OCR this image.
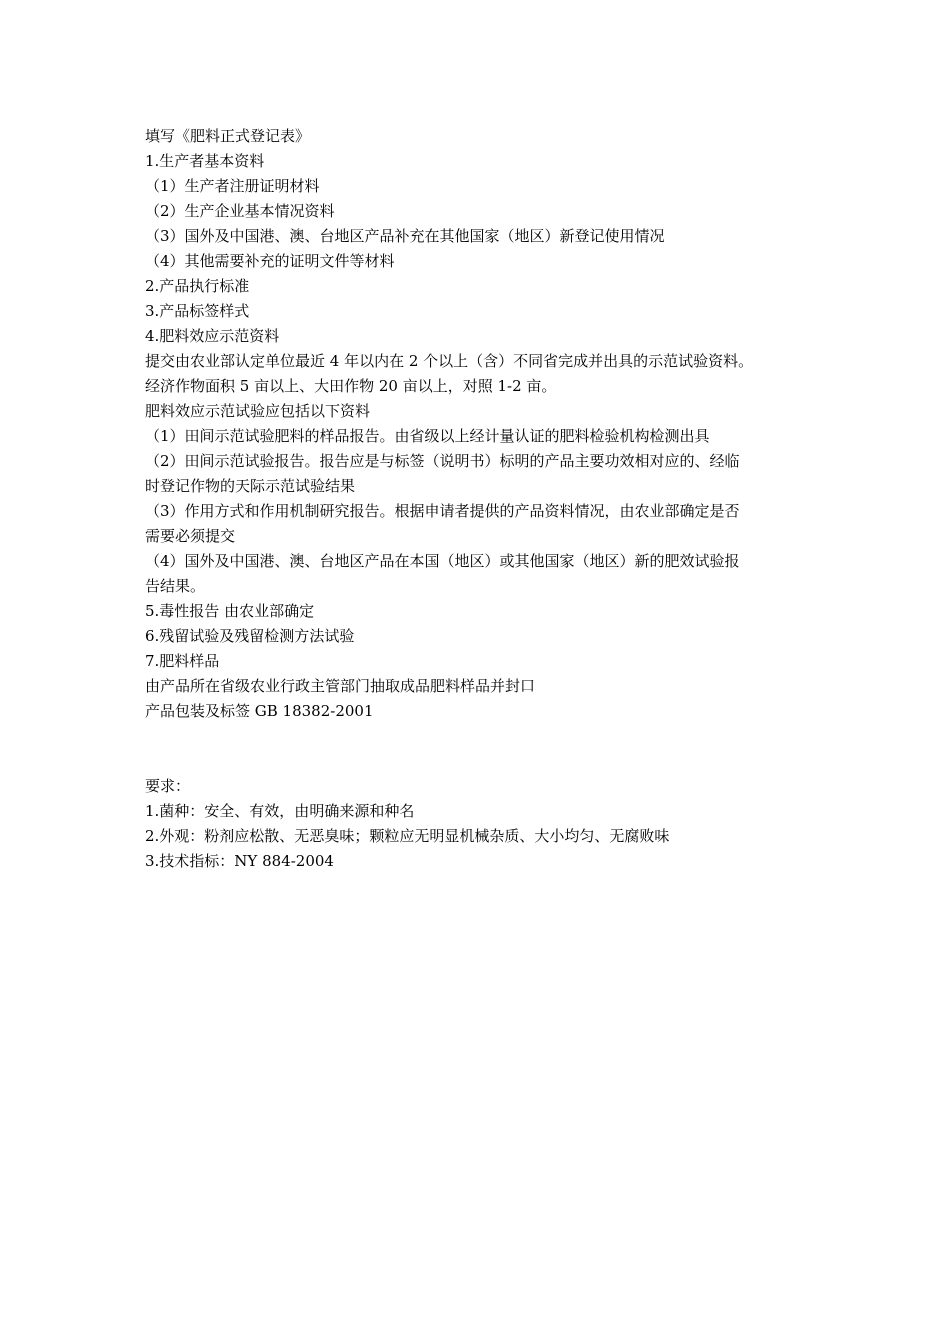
填写《肥料正式登记表》
1.生产者基本资料
（1）生产者注册证明材料
（2）生产企业基本情况资料
（3）国外及中国港、澳、台地区产品补充在其他国家（地区）新登记使用情况
（4）其他需要补充的证明文件等材料
2.产品执行标准
3.产品标签样式
4.肥料效应示范资料
提交由农业部认定单位最近 4 年以内在 2 个以上（含）不同省完成并出具的示范试验资料。
经济作物面积 5 亩以上、大田作物 20 亩以上，对照 1-2 亩。
肥料效应示范试验应包括以下资料
（1）田间示范试验肥料的样品报告。由省级以上经计量认证的肥料检验机构检测出具
（2）田间示范试验报告。报告应是与标签（说明书）标明的产品主要功效相对应的、经临
时登记作物的天际示范试验结果
（3）作用方式和作用机制研究报告。根据申请者提供的产品资料情况，由农业部确定是否
需要必须提交
（4）国外及中国港、澳、台地区产品在本国（地区）或其他国家（地区）新的肥效试验报
告结果。
5.毒性报告 由农业部确定
6.残留试验及残留检测方法试验
7.肥料样品
由产品所在省级农业行政主管部门抽取成品肥料样品并封口
产品包装及标签 GB 18382-2001
要求：
1.菌种：安全、有效，由明确来源和种名
2.外观：粉剂应松散、无恶臭味；颗粒应无明显机械杂质、大小均匀、无腐败味
3.技术指标：NY 884-2004
